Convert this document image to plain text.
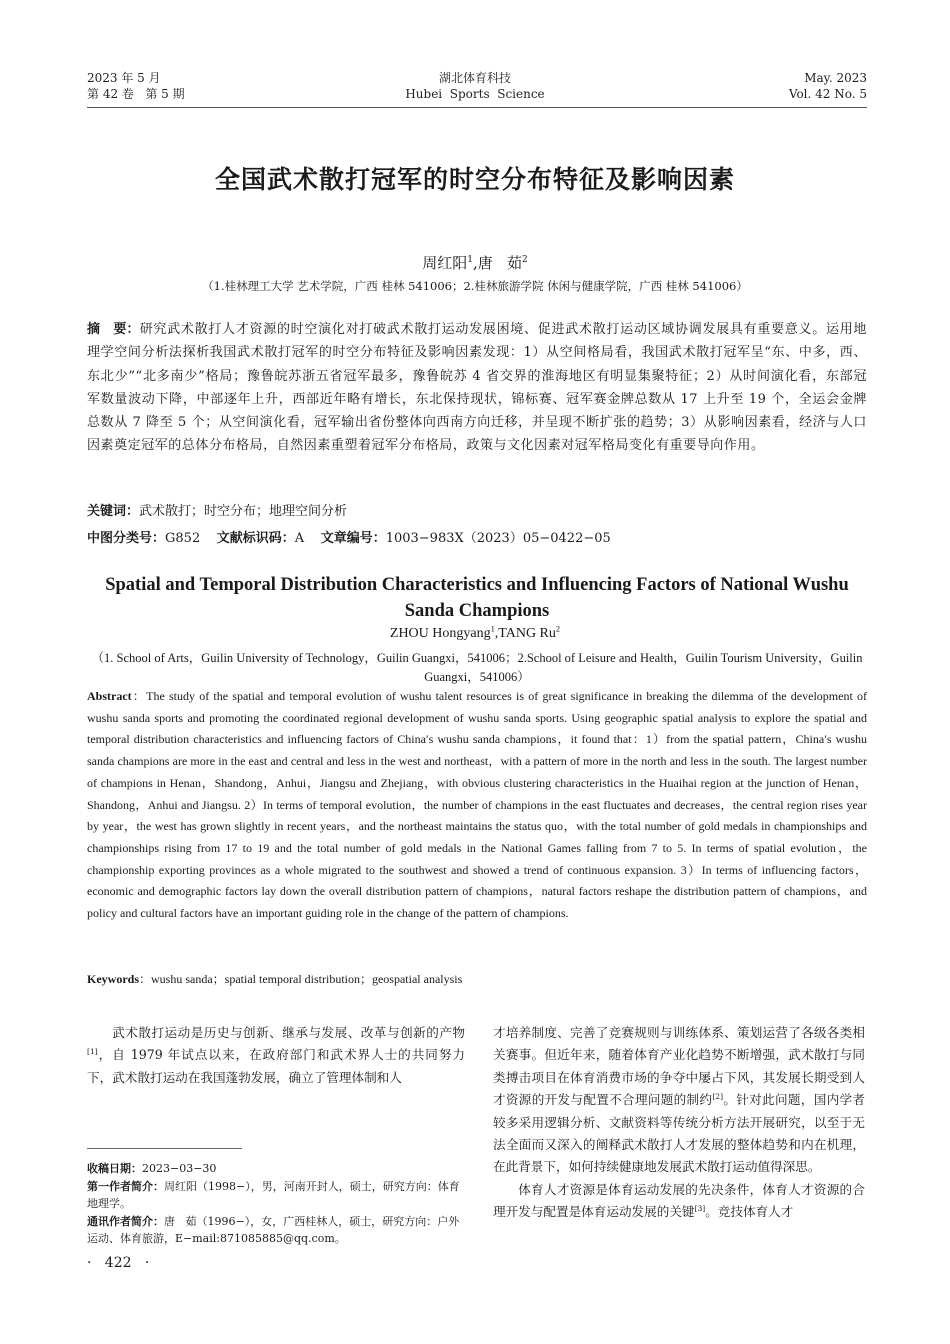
2023 年 5 月
第 42 卷   第 5 期
湖北体育科技
Hubei  Sports  Science
May. 2023
Vol. 42 No. 5
全国武术散打冠军的时空分布特征及影响因素
周红阳$^1$,唐   茹$^2$
（1.桂林理工大学 艺术学院，广西 桂林 541006；2.桂林旅游学院 休闲与健康学院，广西 桂林 541006）
摘　要：研究武术散打人才资源的时空演化对打破武术散打运动发展困境、促进武术散打运动区域协调发展具有重要意义。运用地理学空间分析法探析我国武术散打冠军的时空分布特征及影响因素发现：1）从空间格局看，我国武术散打冠军呈“东、中多，西、东北少”“北多南少”格局；豫鲁皖苏浙五省冠军最多，豫鲁皖苏 4 省交界的淮海地区有明显集聚特征；2）从时间演化看，东部冠军数量波动下降，中部逐年上升，西部近年略有增长，东北保持现状，锦标赛、冠军赛金牌总数从 17 上升至 19 个，全运会金牌总数从 7 降至 5 个；从空间演化看，冠军输出省份整体向西南方向迁移，并呈现不断扩张的趋势；3）从影响因素看，经济与人口因素奠定冠军的总体分布格局，自然因素重塑着冠军分布格局，政策与文化因素对冠军格局变化有重要导向作用。
关键词：武术散打；时空分布；地理空间分析
中图分类号：G852 文献标识码：A 文章编号：1003−983X（2023）05−0422−05
Spatial and Temporal Distribution Characteristics and Influencing Factors of National Wushu Sanda Champions
ZHOU Hongyang$^1$,TANG Ru$^2$
（1. School of Arts，Guilin University of Technology，Guilin Guangxi，541006；2.School of Leisure and Health，Guilin Tourism University，Guilin Guangxi，541006）
Abstract：The study of the spatial and temporal evolution of wushu talent resources is of great significance in breaking the dilemma of the development of wushu sanda sports and promoting the coordinated regional development of wushu sanda sports. Using geographic spatial analysis to explore the spatial and temporal distribution characteristics and influencing factors of China′s wushu sanda champions，it found that：1）from the spatial pattern，China′s wushu sanda champions are more in the east and central and less in the west and northeast，with a pattern of more in the north and less in the south. The largest number of champions in Henan，Shandong，Anhui，Jiangsu and Zhejiang，with obvious clustering characteristics in the Huaihai region at the junction of Henan，Shandong，Anhui and Jiangsu. 2）In terms of temporal evolution，the number of champions in the east fluctuates and decreases，the central region rises year by year，the west has grown slightly in recent years，and the northeast maintains the status quo，with the total number of gold medals in championships and championships rising from 17 to 19 and the total number of gold medals in the National Games falling from 7 to 5. In terms of spatial evolution，the championship exporting provinces as a whole migrated to the southwest and showed a trend of continuous expansion. 3）In terms of influencing factors，economic and demographic factors lay down the overall distribution pattern of champions，natural factors reshape the distribution pattern of champions，and policy and cultural factors have an important guiding role in the change of the pattern of champions.
Keywords：wushu sanda；spatial temporal distribution；geospatial analysis

武术散打运动是历史与创新、继承与发展、改革与创新的产物[1]，自 1979 年试点以来，在政府部门和武术界人士的共同努力下，武术散打运动在我国蓬勃发展，确立了管理体制和人

才培养制度、完善了竞赛规则与训练体系、策划运营了各级各类相关赛事。但近年来，随着体育产业化趋势不断增强，武术散打与同类搏击项目在体育消费市场的争夺中屡占下风，其发展长期受到人才资源的开发与配置不合理问题的制约[2]。针对此问题，国内学者较多采用逻辑分析、文献资料等传统分析方法开展研究，以至于无法全面而又深入的阐释武术散打人才发展的整体趋势和内在机理，在此背景下，如何持续健康地发展武术散打运动值得深思。

体育人才资源是体育运动发展的先决条件，体育人才资源的合理开发与配置是体育运动发展的关键[3]。竞技体育人才

收稿日期：2023−03−30

第一作者简介：周红阳（1998−），男，河南开封人，硕士，研究方向：体育地理学。

通讯作者简介：唐   茹（1996−），女，广西桂林人，硕士，研究方向：户外运动、体育旅游，E−mail:871085885@qq.com。

·   422   ·
